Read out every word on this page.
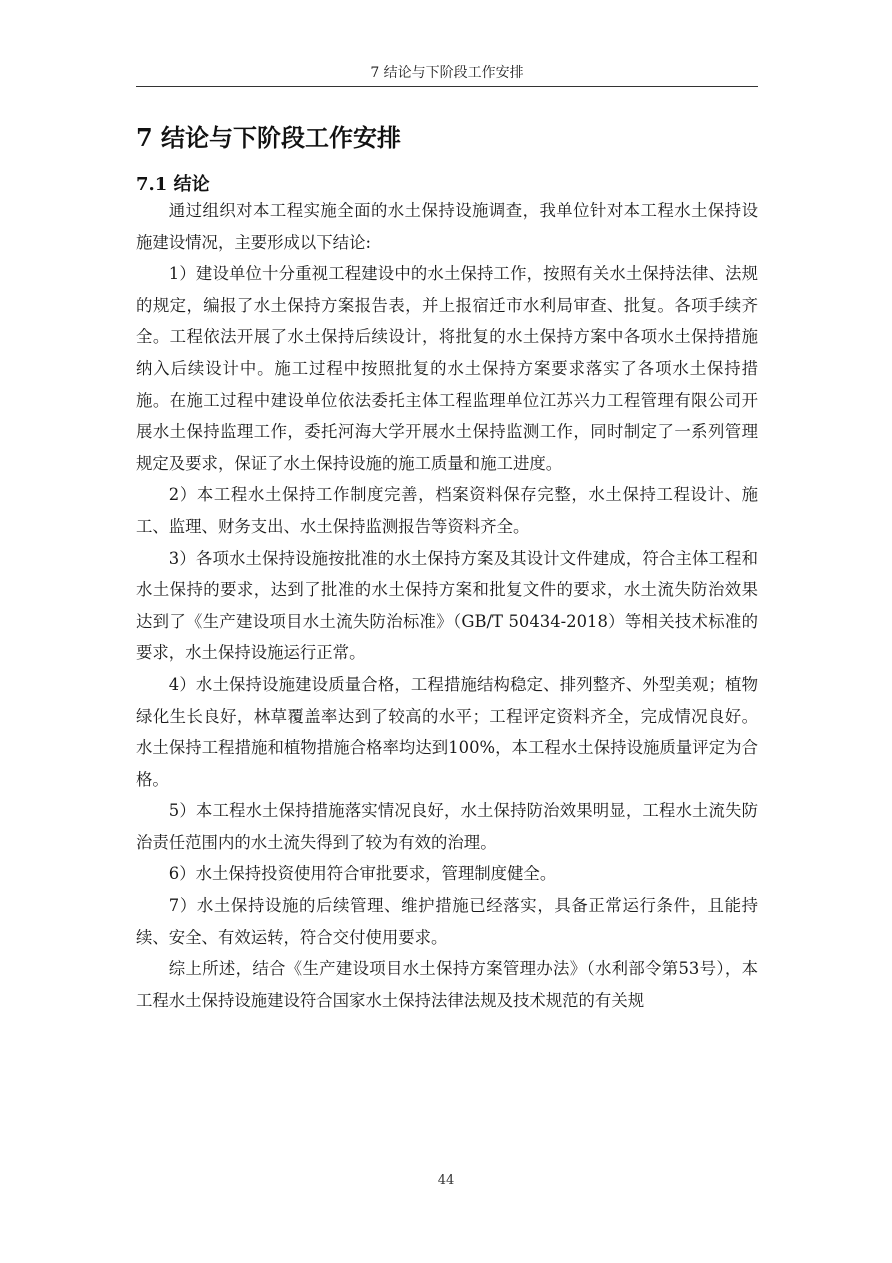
7 结论与下阶段工作安排
7 结论与下阶段工作安排
7.1 结论

通过组织对本工程实施全面的水土保持设施调查，我单位针对本工程水土保持设施建设情况，主要形成以下结论:

1）建设单位十分重视工程建设中的水土保持工作，按照有关水土保持法律、法规的规定，编报了水土保持方案报告表，并上报宿迁市水利局审查、批复。各项手续齐全。工程依法开展了水土保持后续设计，将批复的水土保持方案中各项水土保持措施纳入后续设计中。施工过程中按照批复的水土保持方案要求落实了各项水土保持措施。在施工过程中建设单位依法委托主体工程监理单位江苏兴力工程管理有限公司开展水土保持监理工作，委托河海大学开展水土保持监测工作，同时制定了一系列管理规定及要求，保证了水土保持设施的施工质量和施工进度。

2）本工程水土保持工作制度完善，档案资料保存完整，水土保持工程设计、施工、监理、财务支出、水土保持监测报告等资料齐全。

3）各项水土保持设施按批准的水土保持方案及其设计文件建成，符合主体工程和水土保持的要求，达到了批准的水土保持方案和批复文件的要求，水土流失防治效果达到了《生产建设项目水土流失防治标准》（GB/T 50434-2018）等相关技术标准的要求，水土保持设施运行正常。

4）水土保持设施建设质量合格，工程措施结构稳定、排列整齐、外型美观；植物绿化生长良好，林草覆盖率达到了较高的水平；工程评定资料齐全，完成情况良好。水土保持工程措施和植物措施合格率均达到100%，本工程水土保持设施质量评定为合格。

5）本工程水土保持措施落实情况良好，水土保持防治效果明显，工程水土流失防治责任范围内的水土流失得到了较为有效的治理。

6）水土保持投资使用符合审批要求，管理制度健全。

7）水土保持设施的后续管理、维护措施已经落实，具备正常运行条件，且能持续、安全、有效运转，符合交付使用要求。

综上所述，结合《生产建设项目水土保持方案管理办法》（水利部令第53号），本工程水土保持设施建设符合国家水土保持法律法规及技术规范的有关规

44
